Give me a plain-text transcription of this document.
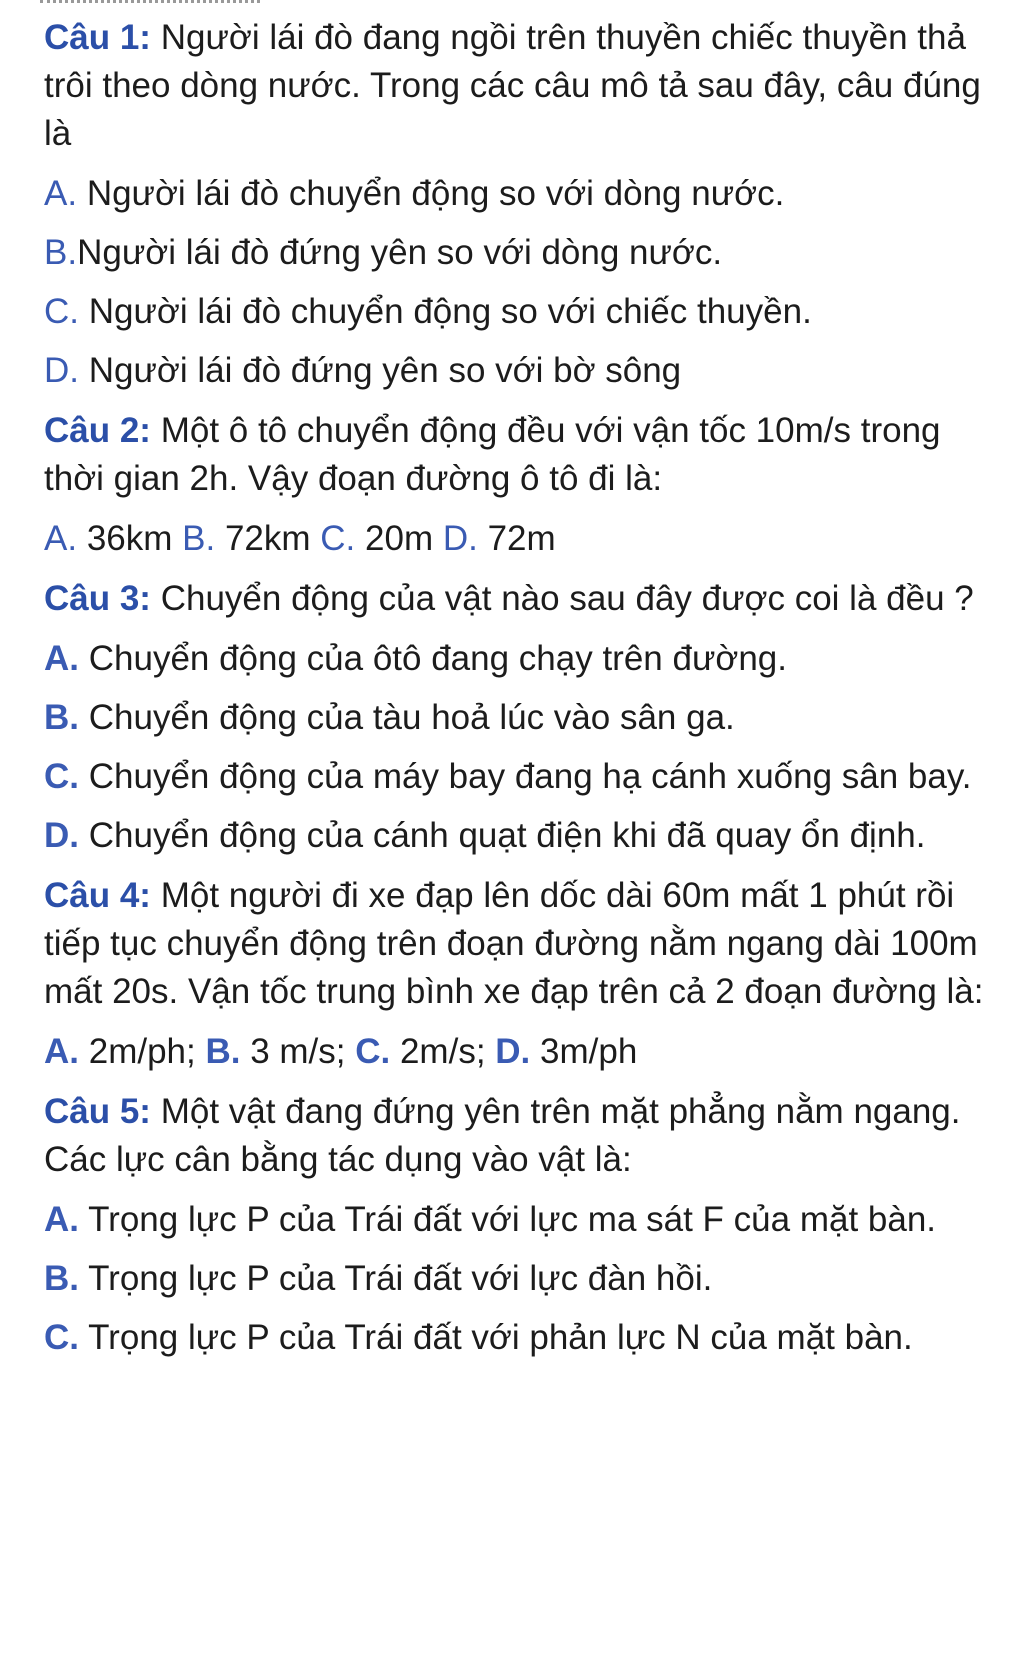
Câu 1: Người lái đò đang ngồi trên thuyền chiếc thuyền thả trôi theo dòng nước. Trong các câu mô tả sau đây, câu đúng là

A. Người lái đò chuyển động so với dòng nước.

B.Người lái đò đứng yên so với dòng nước.

C. Người lái đò chuyển động so với chiếc thuyền.

D. Người lái đò đứng yên so với bờ sông

Câu 2: Một ô tô chuyển động đều với vận tốc 10m/s trong thời gian 2h. Vậy đoạn đường ô tô đi là:

A. 36km B. 72km C. 20m D. 72m

Câu 3: Chuyển động của vật nào sau đây được coi là đều ?

A. Chuyển động của ôtô đang chạy trên đường.

B. Chuyển động của tàu hoả lúc vào sân ga.

C. Chuyển động của máy bay đang hạ cánh xuống sân bay.

D. Chuyển động của cánh quạt điện khi đã quay ổn định.

Câu 4: Một người đi xe đạp lên dốc dài 60m mất 1 phút rồi tiếp tục chuyển động trên đoạn đường nằm ngang dài 100m mất 20s. Vận tốc trung bình xe đạp trên cả 2 đoạn đường là:

A. 2m/ph; B. 3 m/s; C. 2m/s; D. 3m/ph

Câu 5: Một vật đang đứng yên trên mặt phẳng nằm ngang. Các lực cân bằng tác dụng vào vật là:

A. Trọng lực P của Trái đất với lực ma sát F của mặt bàn.

B. Trọng lực P của Trái đất với lực đàn hồi.

C. Trọng lực P của Trái đất với phản lực N của mặt bàn.
